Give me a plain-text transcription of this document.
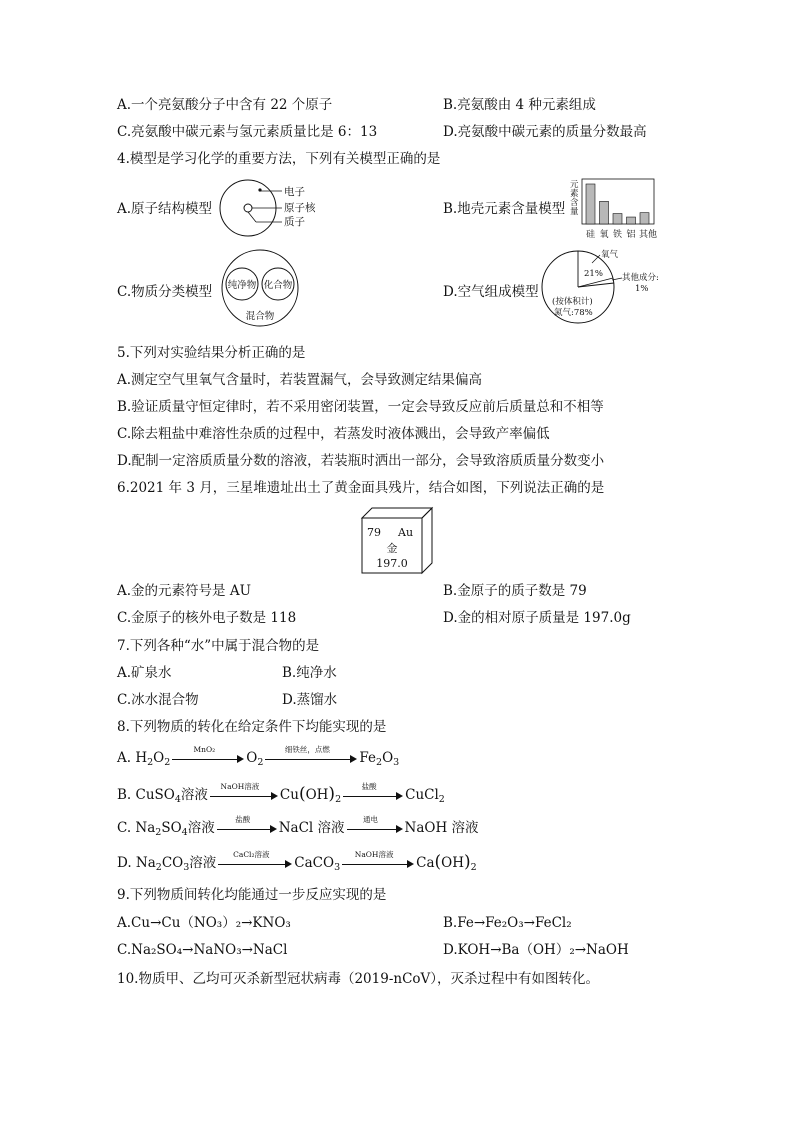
A.一个亮氨酸分子中含有 22 个原子	B.亮氨酸由 4 种元素组成
C.亮氨酸中碳元素与氢元素质量比是 6：13	D.亮氨酸中碳元素的质量分数最高
4.模型是学习化学的重要方法，下列有关模型正确的是
A.原子结构模型
电子
原子核
质子
B.地壳元素含量模型
元
素
含
量
硅 氧 铁 铝 其他
C.物质分类模型 纯净物 化合物
混合物
D.空气组成模型
氧气
21% 其他成分:
1%
(按体积计)
氮气:78%
5.下列对实验结果分析正确的是
A.测定空气里氧气含量时，若装置漏气，会导致测定结果偏高
B.验证质量守恒定律时，若不采用密闭装置，一定会导致反应前后质量总和不相等
C.除去粗盐中难溶性杂质的过程中，若蒸发时液体溅出，会导致产率偏低
D.配制一定溶质质量分数的溶液，若装瓶时洒出一部分，会导致溶质质量分数变小
6.2021 年 3 月，三星堆遗址出土了黄金面具残片，结合如图，下列说法正确的是
79 Au
金
197.0
A.金的元素符号是 AU	B.金原子的质子数是 79
C.金原子的核外电子数是 118	D.金的相对原子质量是 197.0g
7.下列各种“水”中属于混合物的是
A.矿泉水	B.纯净水
C.冰水混合物	D.蒸馏水
8.下列物质的转化在给定条件下均能实现的是
A. $H_2O_2$
MnO₂
$O_2$
细铁丝，点燃
$Fe_2O_3$
B. CuSO$_4$溶液
NaOH溶液
$Cu(OH)_2$
盐酸
CuCl$_2$
C. $Na_2SO_4$溶液
盐酸
NaCl 溶液
通电
NaOH 溶液
D. $Na_2CO_3$溶液
CaCl₂溶液
CaCO$_3$
NaOH溶液
$Ca(OH)_2$
9.下列物质间转化均能通过一步反应实现的是
A.Cu→Cu（NO₃）₂→KNO₃	B.Fe→Fe₂O₃→FeCl₂
C.Na₂SO₄→NaNO₃→NaCl	D.KOH→Ba（OH）₂→NaOH
10.物质甲、乙均可灭杀新型冠状病毒（2019-nCoV），灭杀过程中有如图转化。
